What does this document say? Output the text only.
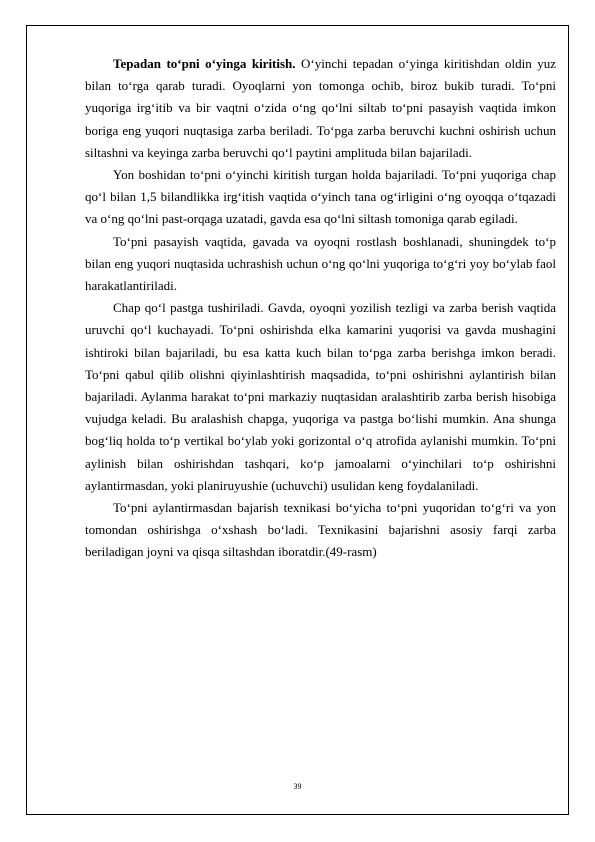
Tepadan to‘pni o‘yinga kiritish. O‘yinchi tepadan o‘yinga kiritishdan oldin yuz bilan to‘rga qarab turadi. Oyoqlarni yon tomonga ochib, biroz bukib turadi. To‘pni yuqoriga irg‘itib va bir vaqtni o‘zida o‘ng qo‘lni siltab to‘pni pasayish vaqtida imkon boriga eng yuqori nuqtasiga zarba beriladi. To‘pga zarba beruvchi kuchni oshirish uchun siltashni va keyinga zarba beruvchi qo‘l paytini amplituda bilan bajariladi.

Yon boshidan to‘pni o‘yinchi kiritish turgan holda bajariladi. To‘pni yuqoriga chap qo‘l bilan 1,5 bilandlikka irg‘itish vaqtida o‘yinch tana og‘irligini o‘ng oyoqqa o‘tqazadi va o‘ng qo‘lni past-orqaga uzatadi, gavda esa qo‘lni siltash tomoniga qarab egiladi.

To‘pni pasayish vaqtida, gavada va oyoqni rostlash boshlanadi, shuningdek to‘p bilan eng yuqori nuqtasida uchrashish uchun o‘ng qo‘lni yuqoriga to‘g‘ri yoy bo‘ylab faol harakatlantiriladi.

Chap qo‘l pastga tushiriladi. Gavda, oyoqni yozilish tezligi va zarba berish vaqtida uruvchi qo‘l kuchayadi. To‘pni oshirishda elka kamarini yuqorisi va gavda mushagini ishtiroki bilan bajariladi, bu esa katta kuch bilan to‘pga zarba berishga imkon beradi. To‘pni qabul qilib olishni qiyinlashtirish maqsadida, to‘pni oshirishni aylantirish bilan bajariladi. Aylanma harakat to‘pni markaziy nuqtasidan aralashtirib zarba berish hisobiga vujudga keladi. Bu aralashish chapga, yuqoriga va pastga bo‘lishi mumkin. Ana shunga bog‘liq holda to‘p vertikal bo‘ylab yoki gorizontal o‘q atrofida aylanishi mumkin. To‘pni aylinish bilan oshirishdan tashqari, ko‘p jamoalarni o‘yinchilari to‘p oshirishni aylantirmasdan, yoki planiruyushie (uchuvchi) usulidan keng foydalaniladi.

To‘pni aylantirmasdan bajarish texnikasi bo‘yicha to‘pni yuqoridan to‘g‘ri va yon tomondan oshirishga o‘xshash bo‘ladi. Texnikasini bajarishni asosiy farqi zarba beriladigan joyni va qisqa siltashdan iboratdir.(49-rasm)

39
